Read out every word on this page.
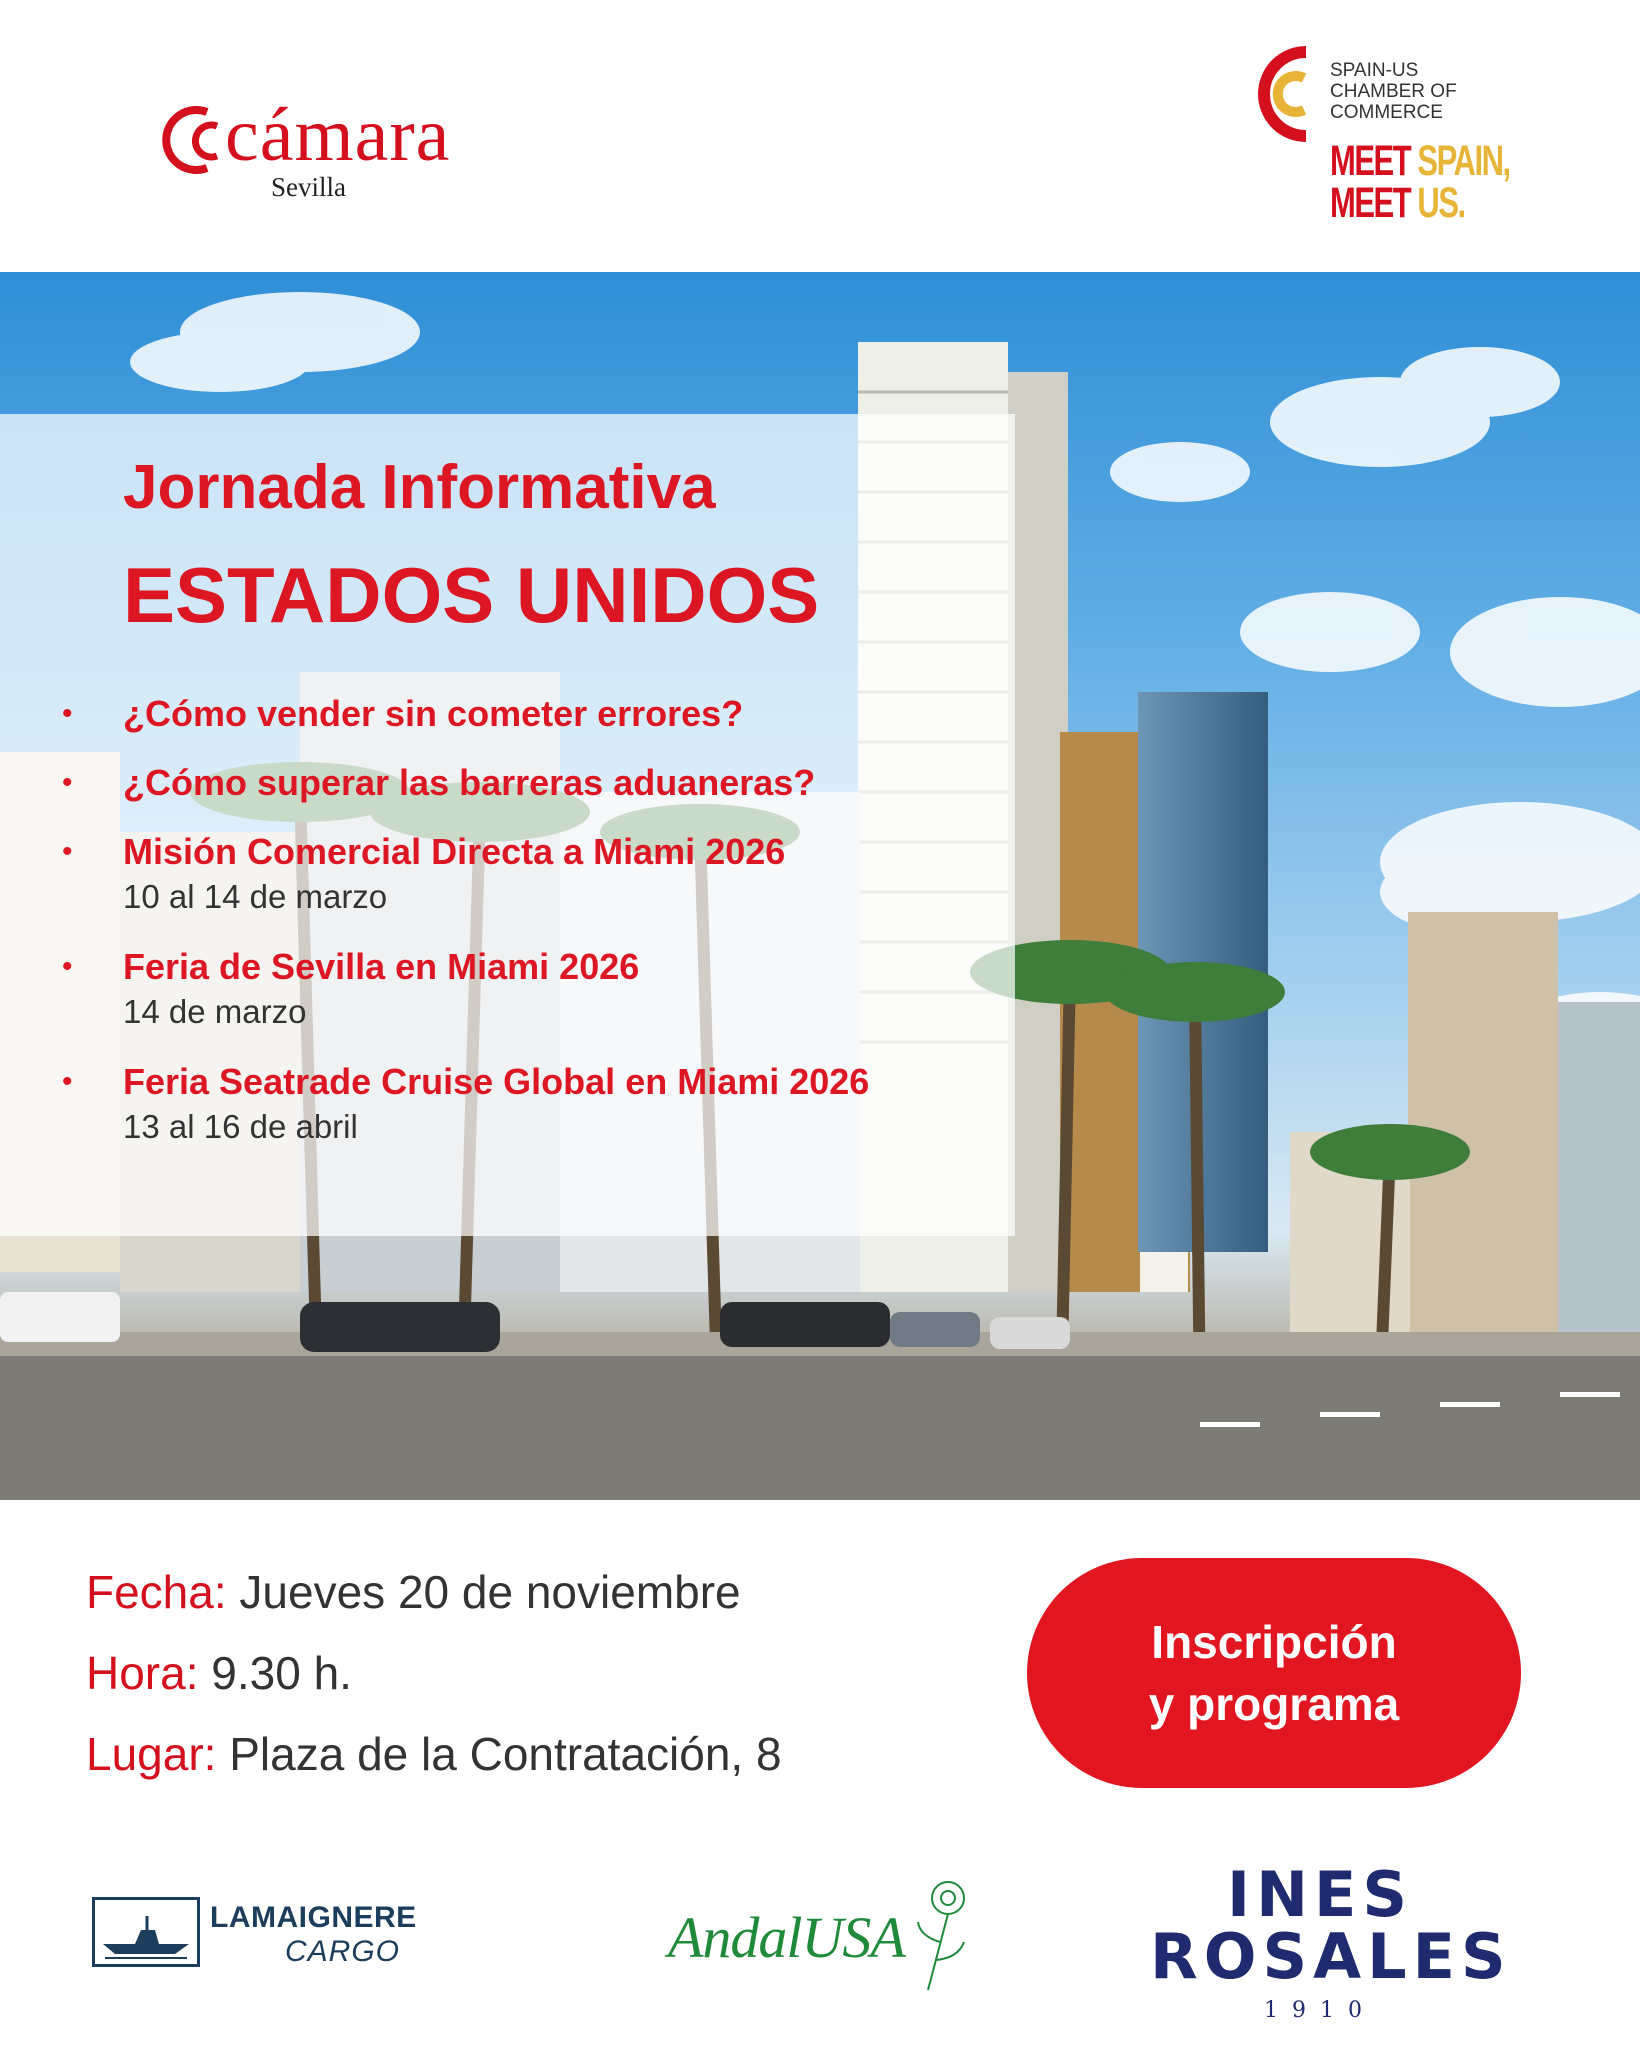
cámara
Sevilla
SPAIN-US
CHAMBER OF
COMMERCE
MEET SPAIN,
MEET US.
Jornada Informativa
ESTADOS UNIDOS
• ¿Cómo vender sin cometer errores?
• ¿Cómo superar las barreras aduaneras?
• Misión Comercial Directa a Miami 2026
10 al 14 de marzo
• Feria de Sevilla en Miami 2026
14 de marzo
• Feria Seatrade Cruise Global en Miami 2026
13 al 16 de abril
Fecha: Jueves 20 de noviembre
Hora: 9.30 h.
Lugar: Plaza de la Contratación, 8
Inscripción
y programa
LAMAIGNERE
CARGO	AndalUSA
INES
ROSALES
1910
